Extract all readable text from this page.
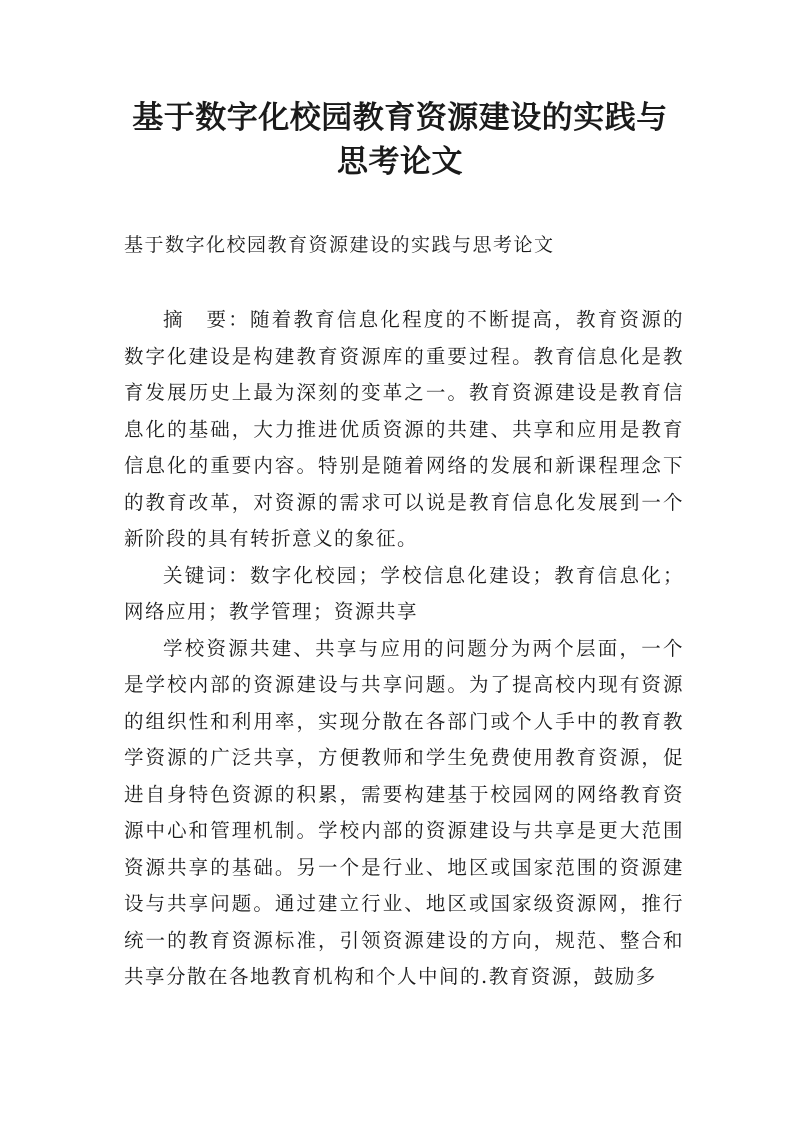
基于数字化校园教育资源建设的实践与思考论文

基于数字化校园教育资源建设的实践与思考论文

摘　要：随着教育信息化程度的不断提高，教育资源的数字化建设是构建教育资源库的重要过程。教育信息化是教育发展历史上最为深刻的变革之一。教育资源建设是教育信息化的基础，大力推进优质资源的共建、共享和应用是教育信息化的重要内容。特别是随着网络的发展和新课程理念下的教育改革，对资源的需求可以说是教育信息化发展到一个新阶段的具有转折意义的象征。

关键词：数字化校园；学校信息化建设；教育信息化；网络应用；教学管理；资源共享

学校资源共建、共享与应用的问题分为两个层面，一个是学校内部的资源建设与共享问题。为了提高校内现有资源的组织性和利用率，实现分散在各部门或个人手中的教育教学资源的广泛共享，方便教师和学生免费使用教育资源，促进自身特色资源的积累，需要构建基于校园网的网络教育资源中心和管理机制。学校内部的资源建设与共享是更大范围资源共享的基础。另一个是行业、地区或国家范围的资源建设与共享问题。通过建立行业、地区或国家级资源网，推行统一的教育资源标准，引领资源建设的方向，规范、整合和共享分散在各地教育机构和个人中间的.教育资源，鼓励多
